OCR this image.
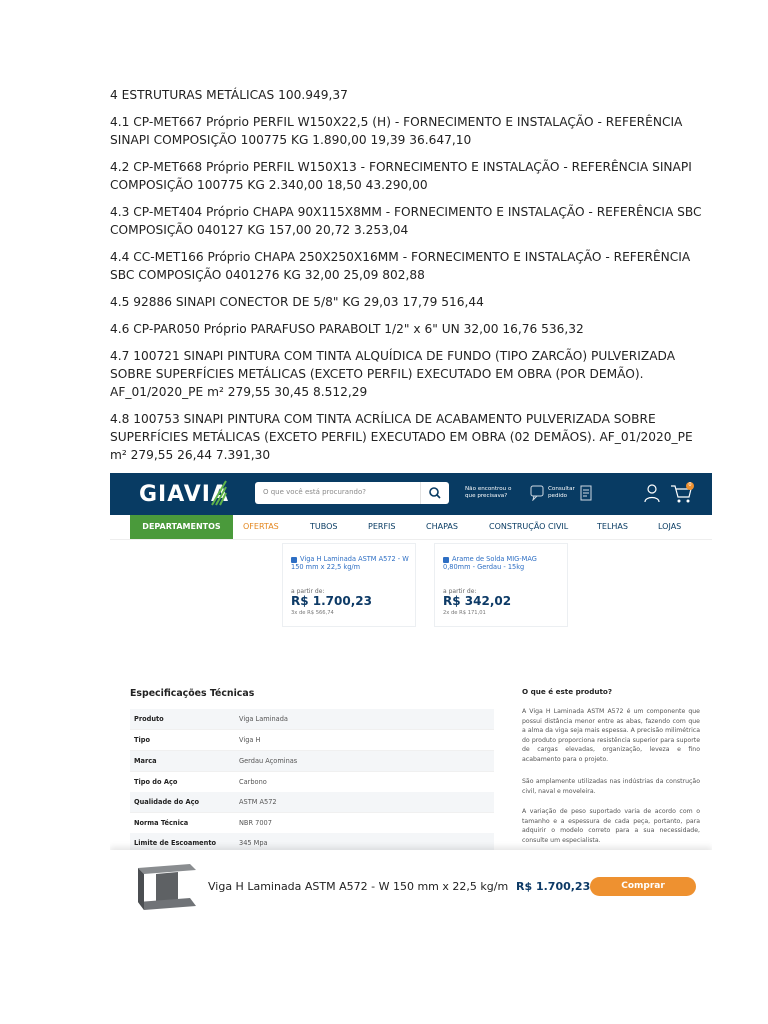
4 ESTRUTURAS METÁLICAS 100.949,37

4.1 CP-MET667 Próprio PERFIL W150X22,5 (H) - FORNECIMENTO E INSTALAÇÃO - REFERÊNCIA SINAPI COMPOSIÇÃO 100775 KG 1.890,00 19,39 36.647,10

4.2 CP-MET668 Próprio PERFIL W150X13 - FORNECIMENTO E INSTALAÇÃO - REFERÊNCIA SINAPI COMPOSIÇÃO 100775 KG 2.340,00 18,50 43.290,00

4.3 CP-MET404 Próprio CHAPA 90X115X8MM - FORNECIMENTO E INSTALAÇÃO - REFERÊNCIA SBC COMPOSIÇÃO 040127 KG 157,00 20,72 3.253,04

4.4 CC-MET166 Próprio CHAPA 250X250X16MM - FORNECIMENTO E INSTALAÇÃO - REFERÊNCIA SBC COMPOSIÇÃO 0401276 KG 32,00 25,09 802,88

4.5 92886 SINAPI CONECTOR DE 5/8" KG 29,03 17,79 516,44

4.6 CP-PAR050 Próprio PARAFUSO PARABOLT 1/2" x 6" UN 32,00 16,76 536,32

4.7 100721 SINAPI PINTURA COM TINTA ALQUÍDICA DE FUNDO (TIPO ZARCÃO) PULVERIZADA SOBRE SUPERFÍCIES METÁLICAS (EXCETO PERFIL) EXECUTADO EM OBRA (POR DEMÃO). AF_01/2020_PE m² 279,55 30,45 8.512,29

4.8 100753 SINAPI PINTURA COM TINTA ACRÍLICA DE ACABAMENTO PULVERIZADA SOBRE SUPERFÍCIES METÁLICAS (EXCETO PERFIL) EXECUTADO EM OBRA (02 DEMÃOS). AF_01/2020_PE m² 279,55 26,44 7.391,30

GIAVIA	O que você está procurando?	Não encontrou o que precisava?
Consultar pedido
0
DEPARTAMENTOS	OFERTAS	TUBOS	PERFIS	CHAPAS	CONSTRUÇÃO CIVIL	TELHAS	LOJAS
Viga H Laminada ASTM A572 - W 150 mm x 22,5 kg/m
a partir de:
R$ 1.700,23
3x de R$ 566,74
Arame de Solda MIG-MAG 0,80mm - Gerdau - 15kg
a partir de:
R$ 342,02
2x de R$ 171,01
Especificações Técnicas
Produto	Viga Laminada
Tipo	Viga H
Marca	Gerdau Açominas
Tipo do Aço	Carbono
Qualidade do Aço	ASTM A572
Norma Técnica	NBR 7007
Limite de Escoamento	345 Mpa
O que é este produto?

A Viga H Laminada ASTM A572 é um componente que possui distância menor entre as abas, fazendo com que a alma da viga seja mais espessa. A precisão milimétrica do produto proporciona resistência superior para suporte de cargas elevadas, organização, leveza e fino acabamento para o projeto.

São amplamente utilizadas nas indústrias da construção civil, naval e moveleira.

A variação de peso suportado varia de acordo com o tamanho e a espessura de cada peça, portanto, para adquirir o modelo correto para a sua necessidade, consulte um especialista.

Viga H Laminada ASTM A572 - W 150 mm x 22,5 kg/m R$ 1.700,23	Comprar
